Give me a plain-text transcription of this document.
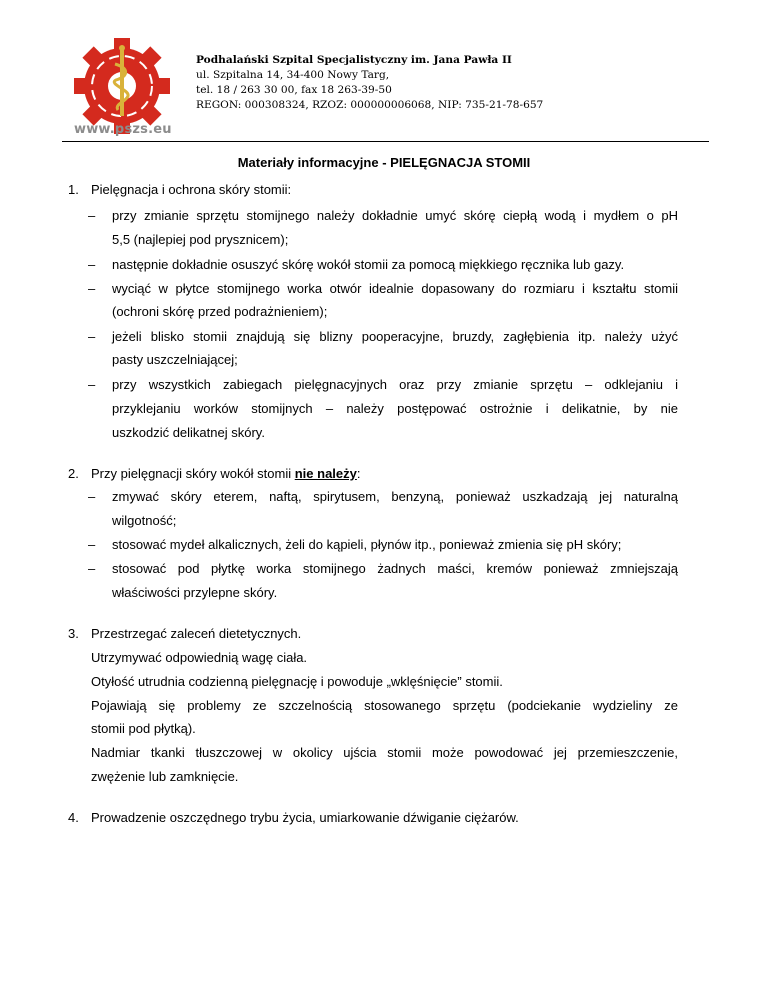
www.pszs.eu
Podhalański Szpital Specjalistyczny im. Jana Pawła II
ul. Szpitalna 14, 34-400 Nowy Targ,
tel. 18 / 263 30 00, fax 18 263-39-50
REGON: 000308324, RZOZ: 000000006068, NIP: 735-21-78-657
Materiały informacyjne - PIELĘGNACJA STOMII
1. Pielęgnacja i ochrona skóry stomii:
– przy zmianie sprzętu stomijnego należy dokładnie umyć skórę ciepłą wodą i mydłem o pH
5,5 (najlepiej pod prysznicem);
– następnie dokładnie osuszyć skórę wokół stomii za pomocą miękkiego ręcznika lub gazy.
– wyciąć w płytce stomijnego worka otwór idealnie dopasowany do rozmiaru i kształtu stomii
(ochroni skórę przed podrażnieniem);
– jeżeli blisko stomii znajdują się blizny pooperacyjne, bruzdy, zagłębienia itp. należy użyć
pasty uszczelniającej;
– przy wszystkich zabiegach pielęgnacyjnych oraz przy zmianie sprzętu – odklejaniu i
przyklejaniu worków stomijnych – należy postępować ostrożnie i delikatnie, by nie
uszkodzić delikatnej skóry.
2. Przy pielęgnacji skóry wokół stomii nie należy:
– zmywać skóry eterem, naftą, spirytusem, benzyną, ponieważ uszkadzają jej naturalną
wilgotność;
– stosować mydeł alkalicznych, żeli do kąpieli, płynów itp., ponieważ zmienia się pH skóry;
– stosować pod płytkę worka stomijnego żadnych maści, kremów ponieważ zmniejszają
właściwości przylepne skóry.
3. Przestrzegać zaleceń dietetycznych.
Utrzymywać odpowiednią wagę ciała.
Otyłość utrudnia codzienną pielęgnację i powoduje „wklęśnięcie” stomii.
Pojawiają się problemy ze szczelnością stosowanego sprzętu (podciekanie wydzieliny ze
stomii pod płytką).
Nadmiar tkanki tłuszczowej w okolicy ujścia stomii może powodować jej przemieszczenie,
zwężenie lub zamknięcie.
4. Prowadzenie oszczędnego trybu życia, umiarkowanie dźwiganie ciężarów.
